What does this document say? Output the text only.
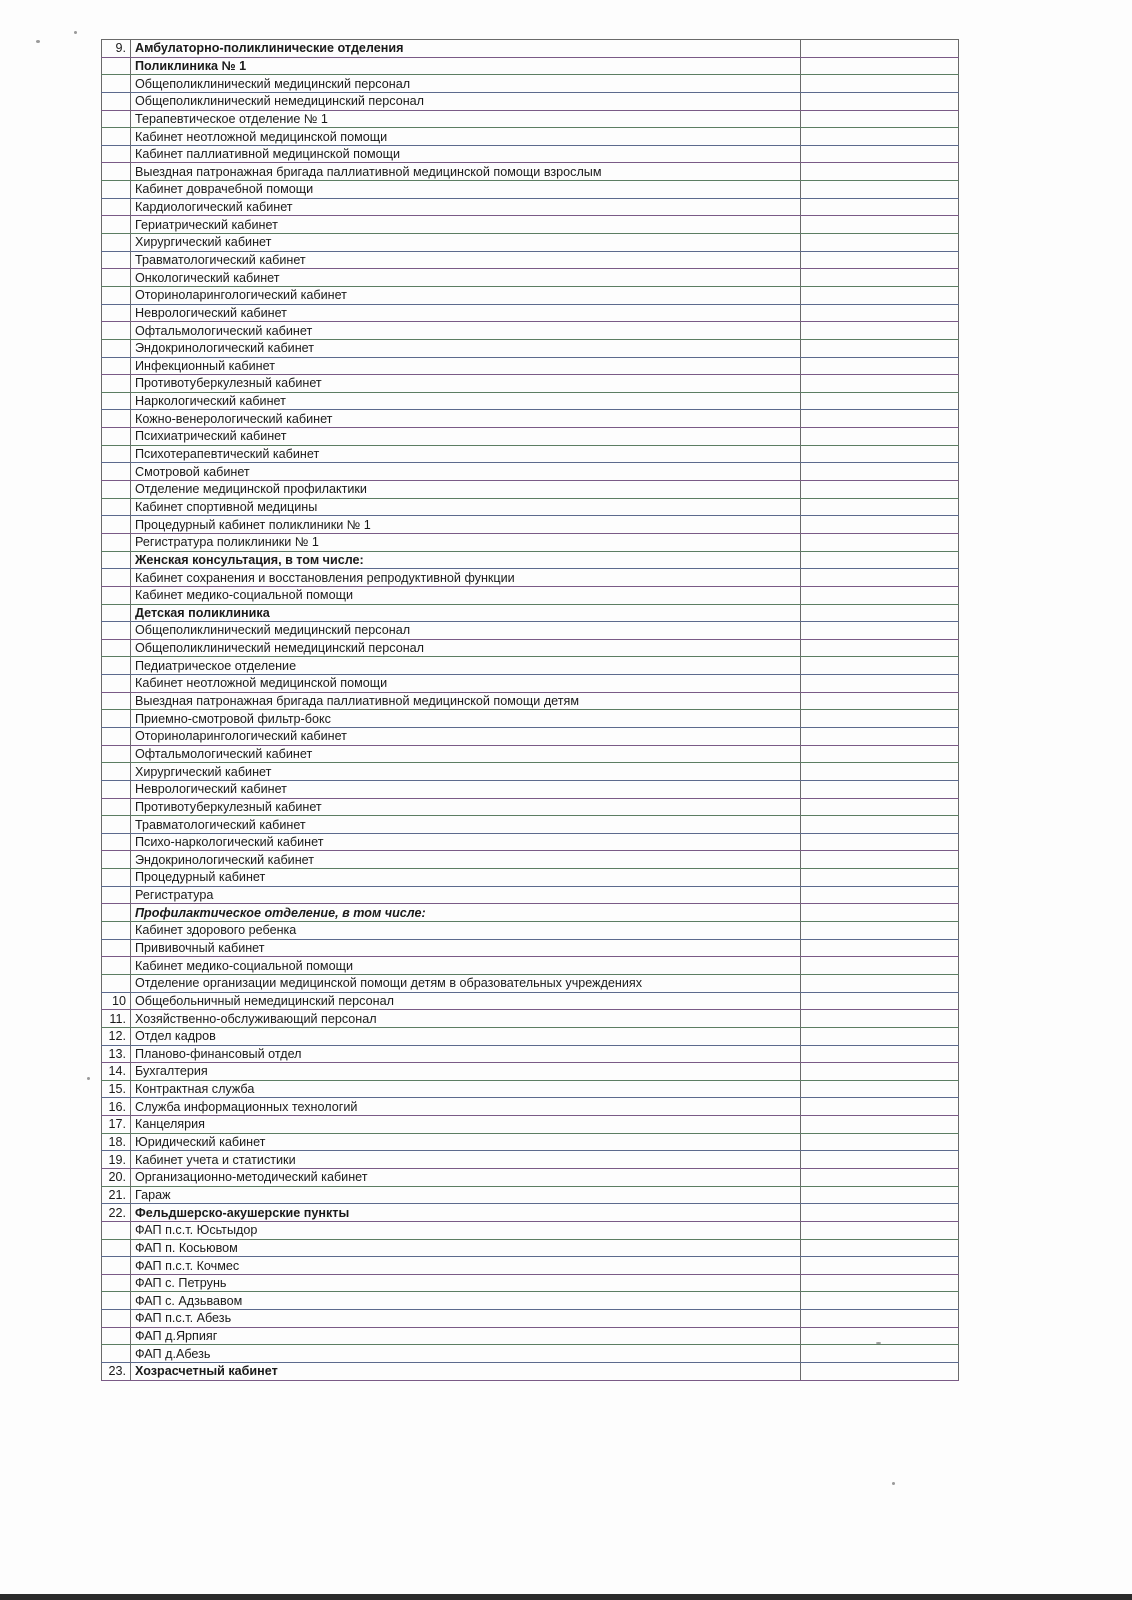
9.	Амбулаторно-поликлинические отделения	
	Поликлиника № 1	
	Общеполиклинический медицинский персонал	
	Общеполиклинический немедицинский персонал	
	Терапевтическое отделение № 1	
	Кабинет неотложной медицинской помощи	
	Кабинет паллиативной медицинской помощи	
	Выездная патронажная бригада паллиативной медицинской помощи взрослым	
	Кабинет доврачебной помощи	
	Кардиологический кабинет	
	Гериатрический кабинет	
	Хирургический кабинет	
	Травматологический кабинет	
	Онкологический кабинет	
	Оториноларингологический кабинет	
	Неврологический кабинет	
	Офтальмологический кабинет	
	Эндокринологический кабинет	
	Инфекционный кабинет	
	Противотуберкулезный кабинет	
	Наркологический кабинет	
	Кожно-венерологический кабинет	
	Психиатрический кабинет	
	Психотерапевтический кабинет	
	Смотровой кабинет	
	Отделение медицинской профилактики	
	Кабинет спортивной медицины	
	Процедурный кабинет поликлиники № 1	
	Регистратура поликлиники № 1	
	Женская консультация, в том числе:	
	Кабинет сохранения и восстановления репродуктивной функции	
	Кабинет медико-социальной помощи	
	Детская поликлиника	
	Общеполиклинический медицинский персонал	
	Общеполиклинический немедицинский персонал	
	Педиатрическое отделение	
	Кабинет неотложной медицинской помощи	
	Выездная патронажная бригада паллиативной медицинской помощи детям	
	Приемно-смотровой фильтр-бокс	
	Оториноларингологический кабинет	
	Офтальмологический кабинет	
	Хирургический кабинет	
	Неврологический кабинет	
	Противотуберкулезный кабинет	
	Травматологический кабинет	
	Психо-наркологический кабинет	
	Эндокринологический кабинет	
	Процедурный кабинет	
	Регистратура	
	Профилактическое отделение, в том числе:	
	Кабинет здорового ребенка	
	Прививочный кабинет	
	Кабинет медико-социальной помощи	
	Отделение организации медицинской помощи детям в образовательных учреждениях	
10	Общебольничный немедицинский персонал	
11.	Хозяйственно-обслуживающий персонал	
12.	Отдел кадров	
13.	Планово-финансовый отдел	
14.	Бухгалтерия	
15.	Контрактная служба	
16.	Служба информационных технологий	
17.	Канцелярия	
18.	Юридический кабинет	
19.	Кабинет учета и статистики	
20.	Организационно-методический кабинет	
21.	Гараж	
22.	Фельдшерско-акушерские пункты	
	ФАП п.с.т. Юсьтыдор	
	ФАП п. Косьювом	
	ФАП п.с.т. Кочмес	
	ФАП с. Петрунь	
	ФАП с. Адзьвавом	
	ФАП п.с.т. Абезь	
	ФАП д.Ярпияг	
	ФАП д.Абезь	
23.	Хозрасчетный кабинет	
